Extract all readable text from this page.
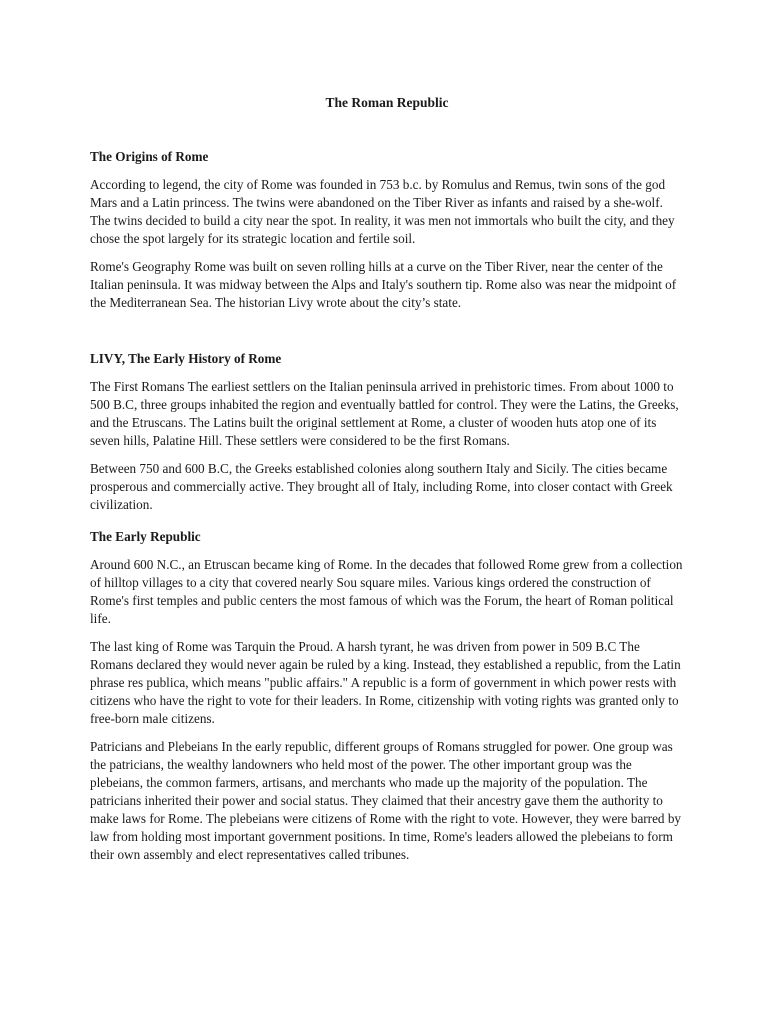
The Roman Republic
The Origins of Rome

According to legend, the city of Rome was founded in 753 b.c. by Romulus and Remus, twin sons of the god Mars and a Latin princess. The twins were abandoned on the Tiber River as infants and raised by a she-wolf. The twins decided to build a city near the spot. In reality, it was men not immortals who built the city, and they chose the spot largely for its strategic location and fertile soil.

Rome's Geography Rome was built on seven rolling hills at a curve on the Tiber River, near the center of the Italian peninsula. It was midway between the Alps and Italy's southern tip. Rome also was near the midpoint of the Mediterranean Sea. The historian Livy wrote about the city’s state.

LIVY, The Early History of Rome

The First Romans The earliest settlers on the Italian peninsula arrived in prehistoric times. From about 1000 to 500 B.C, three groups inhabited the region and eventually battled for control. They were the Latins, the Greeks, and the Etruscans. The Latins built the original settlement at Rome, a cluster of wooden huts atop one of its seven hills, Palatine Hill. These settlers were considered to be the first Romans.

Between 750 and 600 B.C, the Greeks established colonies along southern Italy and Sicily. The cities became prosperous and commercially active. They brought all of Italy, including Rome, into closer contact with Greek civilization.

The Early Republic

Around 600 N.C., an Etruscan became king of Rome. In the decades that followed Rome grew from a collection of hilltop villages to a city that covered nearly Sou square miles. Various kings ordered the construction of Rome's first temples and public centers the most famous of which was the Forum, the heart of Roman political life.

The last king of Rome was Tarquin the Proud. A harsh tyrant, he was driven from power in 509 B.C The Romans declared they would never again be ruled by a king. Instead, they established a republic, from the Latin phrase res publica, which means "public affairs." A republic is a form of government in which power rests with citizens who have the right to vote for their leaders. In Rome, citizenship with voting rights was granted only to free-born male citizens.

Patricians and Plebeians In the early republic, different groups of Romans struggled for power. One group was the patricians, the wealthy landowners who held most of the power. The other important group was the plebeians, the common farmers, artisans, and merchants who made up the majority of the population. The patricians inherited their power and social status. They claimed that their ancestry gave them the authority to make laws for Rome. The plebeians were citizens of Rome with the right to vote. However, they were barred by law from holding most important government positions. In time, Rome's leaders allowed the plebeians to form their own assembly and elect representatives called tribunes.
